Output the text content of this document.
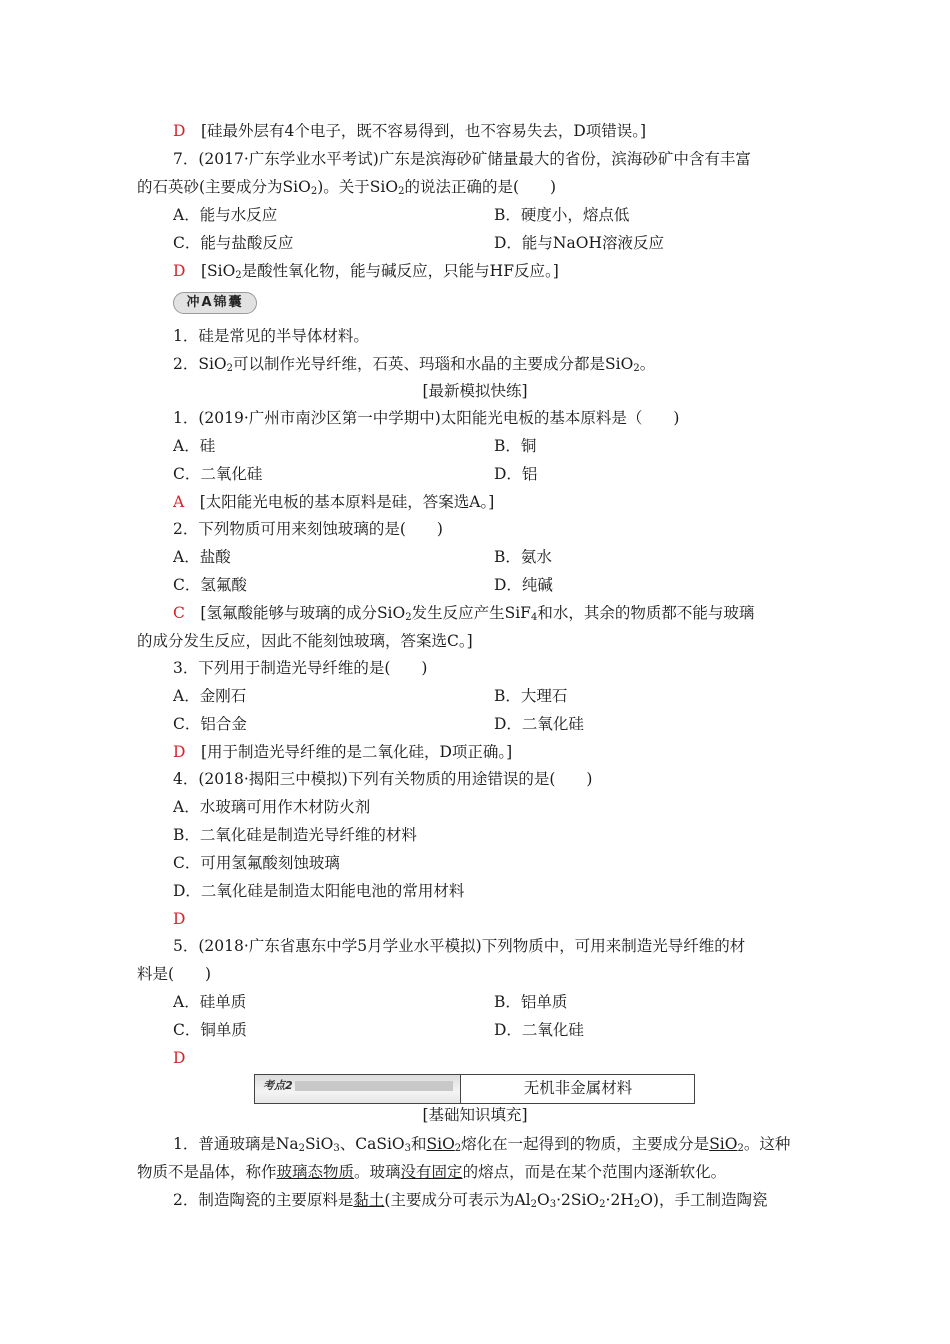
D　 [硅最外层有4个电子，既不容易得到，也不容易失去，D项错误。]
7．(2017·广东学业水平考试)广东是滨海砂矿储量最大的省份，滨海砂矿中含有丰富
的石英砂(主要成分为SiO$_2$)。关于SiO$_2$的说法正确的是(　　)
A．能与水反应	B．硬度小，熔点低
C．能与盐酸反应	D．能与NaOH溶液反应
D　 [SiO$_2$是酸性氧化物，能与碱反应，只能与HF反应。]
冲A锦囊
1．硅是常见的半导体材料。
2．SiO$_2$可以制作光导纤维，石英、玛瑙和水晶的主要成分都是SiO$_2$。
[最新模拟快练]
1．(2019·广州市南沙区第一中学期中)太阳能光电板的基本原料是（　　)
A．硅	B．铜
C．二氧化硅	D．铝
A　 [太阳能光电板的基本原料是硅，答案选A。]
2．下列物质可用来刻蚀玻璃的是(　　)
A．盐酸	B．氨水
C．氢氟酸	D．纯碱
C　 [氢氟酸能够与玻璃的成分SiO$_2$发生反应产生SiF$_4$和水，其余的物质都不能与玻璃
的成分发生反应，因此不能刻蚀玻璃，答案选C。]
3．下列用于制造光导纤维的是(　　)
A．金刚石	B．大理石
C．铝合金	D．二氧化硅
D　 [用于制造光导纤维的是二氧化硅，D项正确。]
4．(2018·揭阳三中模拟)下列有关物质的用途错误的是(　　)
A．水玻璃可用作木材防火剂
B．二氧化硅是制造光导纤维的材料
C．可用氢氟酸刻蚀玻璃
D．二氧化硅是制造太阳能电池的常用材料
D
5．(2018·广东省惠东中学5月学业水平模拟)下列物质中，可用来制造光导纤维的材
料是(　　)
A．硅单质	B．铝单质
C．铜单质	D．二氧化硅
D
考点2	无机非金属材料
[基础知识填充]
1．普通玻璃是$Na_2SiO_3$、CaSiO$_3$和SiO$_2$熔化在一起得到的物质，主要成分是SiO$_2$。这种
物质不是晶体，称作玻璃态物质。玻璃没有固定的熔点，而是在某个范围内逐渐软化。
2．制造陶瓷的主要原料是黏土(主要成分可表示为$Al_2O_3\cdot 2SiO_2\cdot 2H_2O$)，手工制造陶瓷
